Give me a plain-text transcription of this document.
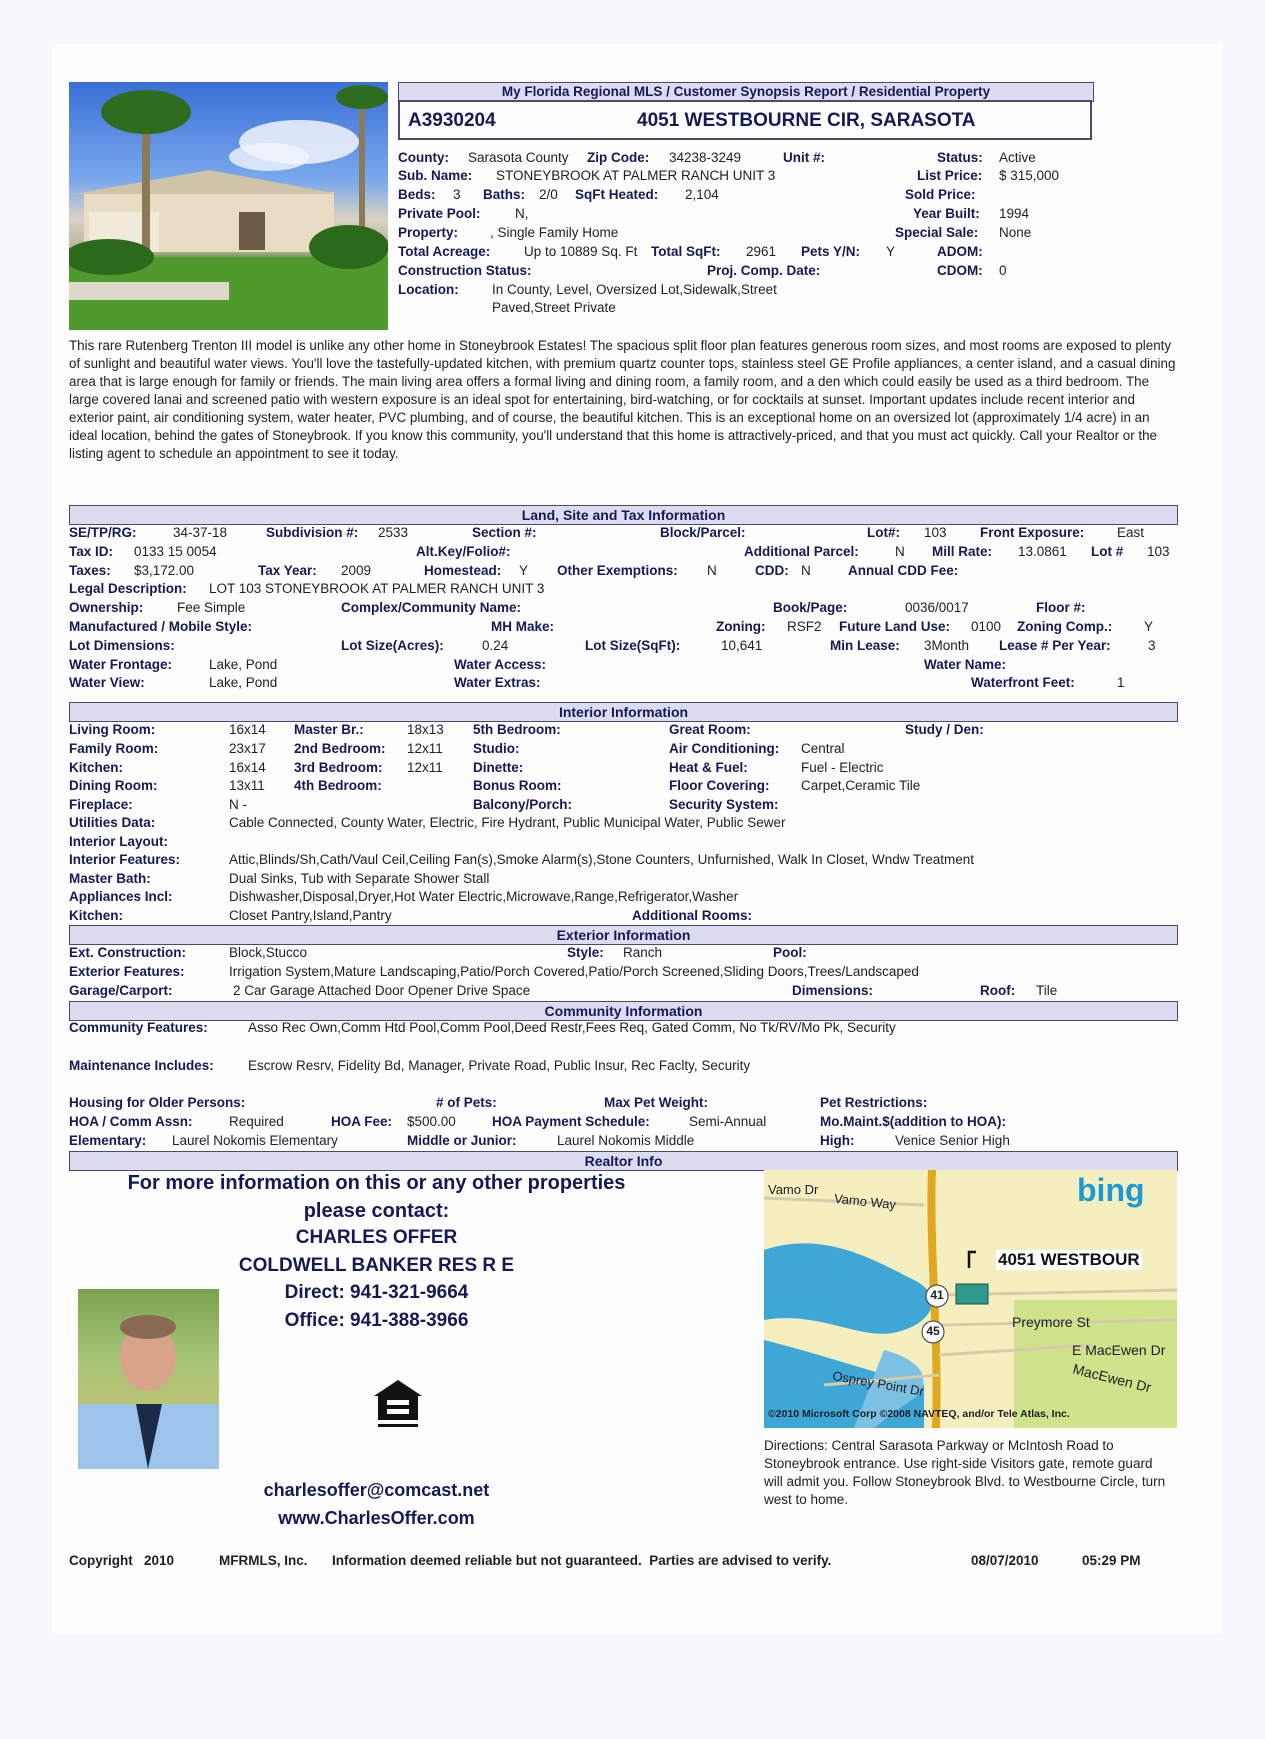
My Florida Regional MLS / Customer Synopsis Report / Residential Property
A3930204	4051 WESTBOURNE CIR, SARASOTA
County: Sarasota County Zip Code: 34238-3249	Unit #:	Status: Active
Sub. Name: STONEYBROOK AT PALMER RANCH UNIT 3	List Price: $ 315,000
Beds: 3 Baths: 2/0 SqFt Heated: 2,104	Sold Price:
Private Pool:	N,	Year Built: 1994
Property: , Single Family Home	Special Sale: None
Total Acreage: Up to 10889 Sq. Ft	Total SqFt: 2961 Pets Y/N: Y	ADOM:
Construction Status:	Proj. Comp. Date:	CDOM: 0
Location: In County, Level, Oversized Lot,Sidewalk,Street
Paved,Street Private
This rare Rutenberg Trenton III model is unlike any other home in Stoneybrook Estates! The spacious split floor plan features generous room sizes, and most rooms are exposed to plenty of sunlight and beautiful water views. You'll love the tastefully-updated kitchen, with premium quartz counter tops, stainless steel GE Profile appliances, a center island, and a casual dining area that is large enough for family or friends. The main living area offers a formal living and dining room, a family room, and a den which could easily be used as a third bedroom. The large covered lanai and screened patio with western exposure is an ideal spot for entertaining, bird-watching, or for cocktails at sunset. Important updates include recent interior and exterior paint, air conditioning system, water heater, PVC plumbing, and of course, the beautiful kitchen. This is an exceptional home on an oversized lot (approximately 1/4 acre) in an ideal location, behind the gates of Stoneybrook. If you know this community, you'll understand that this home is attractively-priced, and that you must act quickly. Call your Realtor or the listing agent to schedule an appointment to see it today.
Land, Site and Tax Information
SE/TP/RG:	34-37-18	Subdivision #: 2533	Section #:	Block/Parcel:	Lot#: 103 Front Exposure: East
Tax ID: 0133 15 0054	Alt.Key/Folio#:	Additional Parcel:	N Mill Rate: 13.0861 Lot # 103
Taxes: $3,172.00	Tax Year: 2009	Homestead: Y Other Exemptions: N	CDD: N	Annual CDD Fee:
Legal Description: LOT 103 STONEYBROOK AT PALMER RANCH UNIT 3
Ownership: Fee Simple	Complex/Community Name:	Book/Page:	0036/0017	Floor #:
Manufactured / Mobile Style:	MH Make:	Zoning: RSF2 Future Land Use: 0100 Zoning Comp.: Y
Lot Dimensions:	Lot Size(Acres):	0.24	Lot Size(SqFt):	10,641	Min Lease: 3Month Lease # Per Year:	3
Water Frontage:	Lake, Pond	Water Access:	Water Name:
Water View:	Lake, Pond	Water Extras:	Waterfront Feet:	1
Interior Information
Living Room:	16x14 Master Br.:	18x13 5th Bedroom:	Great Room:	Study / Den:
Family Room:	23x17 2nd Bedroom: 12x11 Studio:	Air Conditioning: Central
Kitchen:	16x14 3rd Bedroom: 12x11 Dinette:	Heat & Fuel:	Fuel - Electric
Dining Room:	13x11 4th Bedroom:	Bonus Room:	Floor Covering: Carpet,Ceramic Tile
Fireplace:	N -	Balcony/Porch:	Security System:
Utilities Data:	Cable Connected, County Water, Electric, Fire Hydrant, Public Municipal Water, Public Sewer
Interior Layout:
Interior Features:	Attic,Blinds/Sh,Cath/Vaul Ceil,Ceiling Fan(s),Smoke Alarm(s),Stone Counters, Unfurnished, Walk In Closet, Wndw Treatment
Master Bath:	Dual Sinks, Tub with Separate Shower Stall
Appliances Incl:	Dishwasher,Disposal,Dryer,Hot Water Electric,Microwave,Range,Refrigerator,Washer
Kitchen:	Closet Pantry,Island,Pantry	Additional Rooms:
Exterior Information
Ext. Construction:	Block,Stucco	Style: Ranch	Pool:
Exterior Features:	Irrigation System,Mature Landscaping,Patio/Porch Covered,Patio/Porch Screened,Sliding Doors,Trees/Landscaped
Garage/Carport:	2 Car Garage Attached Door Opener Drive Space	Dimensions:	Roof: Tile
Community Information
Community Features:	Asso Rec Own,Comm Htd Pool,Comm Pool,Deed Restr,Fees Req, Gated Comm, No Tk/RV/Mo Pk, Security
Maintenance Includes:	Escrow Resrv, Fidelity Bd, Manager, Private Road, Public Insur, Rec Faclty, Security
Housing for Older Persons:	# of Pets:	Max Pet Weight:	Pet Restrictions:
HOA / Comm Assn:	Required	HOA Fee: $500.00	HOA Payment Schedule:	Semi-Annual	Mo.Maint.$(addition to HOA):
Elementary: Laurel Nokomis Elementary	Middle or Junior:	Laurel Nokomis Middle	High:	Venice Senior High
Realtor Info
For more information on this or any other properties
please contact:
CHARLES OFFER
COLDWELL BANKER RES R E
Direct: 941-321-9664
Office: 941-388-3966
charlesoffer@comcast.net
www.CharlesOffer.com
bing
Vamo Dr
Vamo Way
4051 WESTBOUR
41
45
Preymore St
E MacEwen Dr
MacEwen Dr
Osprey Point Dr
©2010 Microsoft Corp ©2008 NAVTEQ, and/or Tele Atlas, Inc.
Directions: Central Sarasota Parkway or McIntosh Road to Stoneybrook entrance. Use right-side Visitors gate, remote guard will admit you. Follow Stoneybrook Blvd. to Westbourne Circle, turn west to home.
Copyright   2010	MFRMLS, Inc. Information deemed reliable but not guaranteed.  Parties are advised to verify.	08/07/2010	05:29 PM
